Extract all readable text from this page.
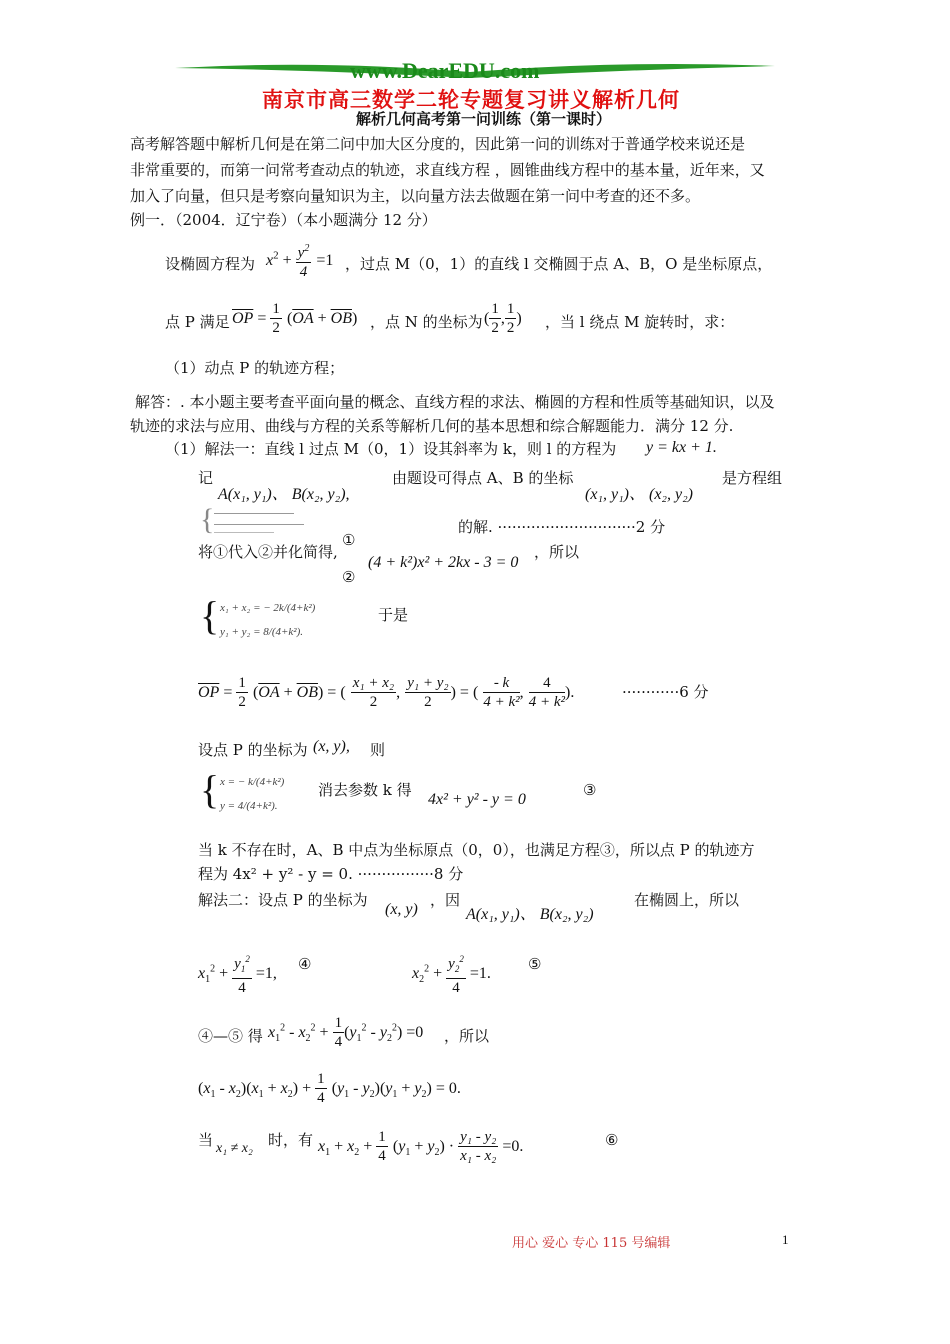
www.DearEDU.com
南京市高三数学二轮专题复习讲义解析几何
解析几何高考第一问训练（第一课时）
高考解答题中解析几何是在第二问中加大区分度的，因此第一问的训练对于普通学校来说还是
非常重要的，而第一问常考查动点的轨迹，求直线方程 ，圆锥曲线方程中的基本量，近年来，又
加入了向量，但只是考察向量知识为主，以向量方法去做题在第一问中考查的还不多。
例一．（2004．辽宁卷）（本小题满分 12 分）
设椭圆方程为 $x^2 + \frac{y^2}{4} =1$ ，过点 M（0，1）的直线 l 交椭圆于点 A、B，O 是坐标原点，
点 P 满足 $\overline{OP} = \frac{1}{2} (\overline{OA} + \overline{OB})$ ，点 N 的坐标为 ( $\frac{1}{2}$ , $\frac{1}{2}$ ) ，当 l 绕点 M 旋转时，求：
（1）动点 P 的轨迹方程；
解答：. 本小题主要考查平面向量的概念、直线方程的求法、椭圆的方程和性质等基础知识，以及
轨迹的求法与应用、曲线与方程的关系等解析几何的基本思想和综合解题能力．满分 12 分.
（1）解法一：直线 l 过点 M（0，1）设其斜率为 k，则 l 的方程为 y = kx + 1.
记
A(x₁, y₁)、 B(x₂, y₂),
由题设可得点 A、B 的坐标
(x₁, y₁)、 (x₂, y₂)
是方程组
{
①
的解. ·····························2 分
将①代入②并化简得,
②
(4 + k²)x² + 2kx - 3 = 0
，所以
{ x₁ + x₂ = − 2k/(4+k²)
y₁ + y₂ = 8/(4+k²).
于是
$\overline{OP} = \frac{1}{2} (\overline{OA} + \overline{OB})$ = ( $\frac{\text{x₁ + x₂}}{2}$ , $\frac{\text{y₁ + y₂}}{2}$ ) = ( $\frac{- k}{\text{4 + k²}}$ , $\frac{4}{\text{4 + k²}}$ ).	············6 分
设点 P 的坐标为 (x, y), 则
{ x = − k/(4+k²)
y = 4/(4+k²).
消去参数 k 得
4x² + y² - y = 0
③
当 k 不存在时，A、B 中点为坐标原点（0，0），也满足方程③，所以点 P 的轨迹方
程为 4x² + y² - y = 0. ················8 分
解法二：设点 P 的坐标为
(x, y)
，因
A(x₁, y₁)、 B(x₂, y₂)
在椭圆上，所以
$x_1^2 + \frac{y_1^2}{4} =1$,
④
$x_2^2 + \frac{y_2^2}{4} =1$.
⑤
④—⑤ 得 $x_1^2 - x_2^2 + \frac{1}{4} (y_1^2 - y_2^2) =0$ ，所以
$(x_1 - x_2)(x_1 + x_2) + \frac{1}{4} (y_1 - y_2)(y_1 + y_2) = 0$.
当 x₁ ≠ x₂ 时，有 $x_1 + x_2 + \frac{1}{4} (y_1 + y_2) \cdot \frac{\text{y₁ - y₂}}{\text{x₁ - x₂}} =0$.	⑥
用心 爱心 专心 115 号编辑	1
